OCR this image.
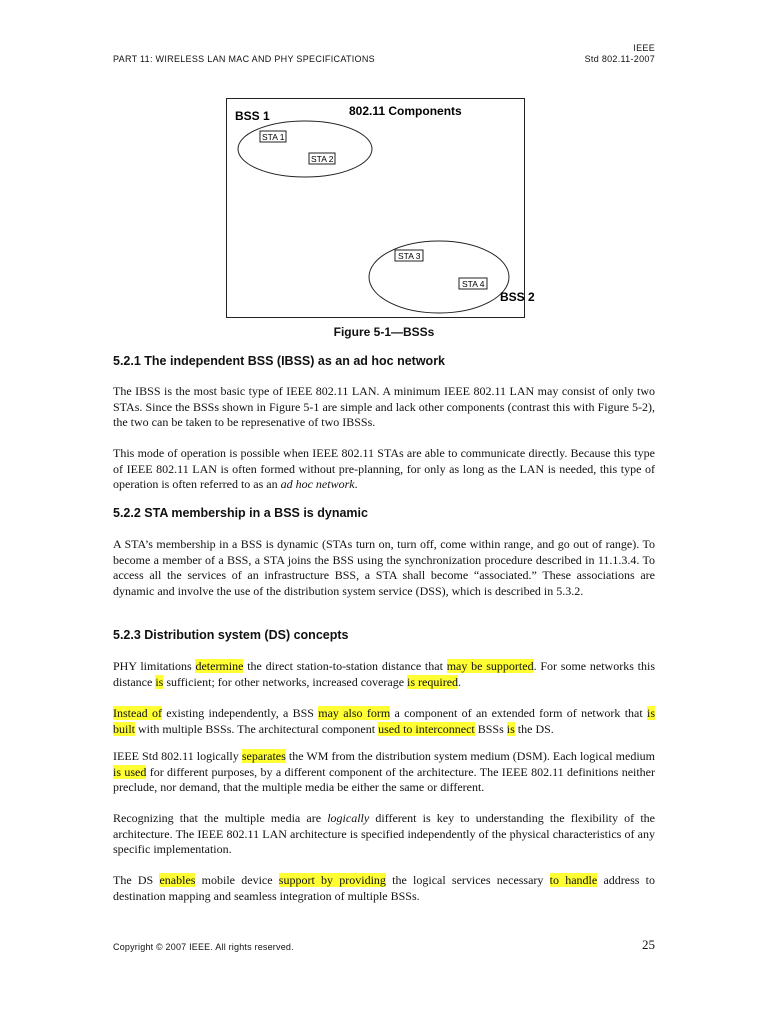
PART 11: WIRELESS LAN MAC AND PHY SPECIFICATIONS
IEEE
Std 802.11-2007
BSS 1	802.11 Components
STA 1
STA 2
STA 3
STA 4
BSS 2
Figure 5-1—BSSs
5.2.1 The independent BSS (IBSS) as an ad hoc network

The IBSS is the most basic type of IEEE 802.11 LAN. A minimum IEEE 802.11 LAN may consist of only two STAs. Since the BSSs shown in Figure 5-1 are simple and lack other components (contrast this with Figure 5-2), the two can be taken to be represenative of two IBSSs.

This mode of operation is possible when IEEE 802.11 STAs are able to communicate directly. Because this type of IEEE 802.11 LAN is often formed without pre-planning, for only as long as the LAN is needed, this type of operation is often referred to as an ad hoc network.

5.2.2 STA membership in a BSS is dynamic

A STA’s membership in a BSS is dynamic (STAs turn on, turn off, come within range, and go out of range). To become a member of a BSS, a STA joins the BSS using the synchronization procedure described in 11.1.3.4. To access all the services of an infrastructure BSS, a STA shall become “associated.” These associations are dynamic and involve the use of the distribution system service (DSS), which is described in 5.3.2.

5.2.3 Distribution system (DS) concepts

PHY limitations determine the direct station-to-station distance that may be supported. For some networks this distance is sufficient; for other networks, increased coverage is required.

Instead of existing independently, a BSS may also form a component of an extended form of network that is built with multiple BSSs. The architectural component used to interconnect BSSs is the DS.

IEEE Std 802.11 logically separates the WM from the distribution system medium (DSM). Each logical medium is used for different purposes, by a different component of the architecture. The IEEE 802.11 definitions neither preclude, nor demand, that the multiple media be either the same or different.

Recognizing that the multiple media are logically different is key to understanding the flexibility of the architecture. The IEEE 802.11 LAN architecture is specified independently of the physical characteristics of any specific implementation.

The DS enables mobile device support by providing the logical services necessary to handle address to destination mapping and seamless integration of multiple BSSs.

Copyright © 2007 IEEE. All rights reserved.	25
